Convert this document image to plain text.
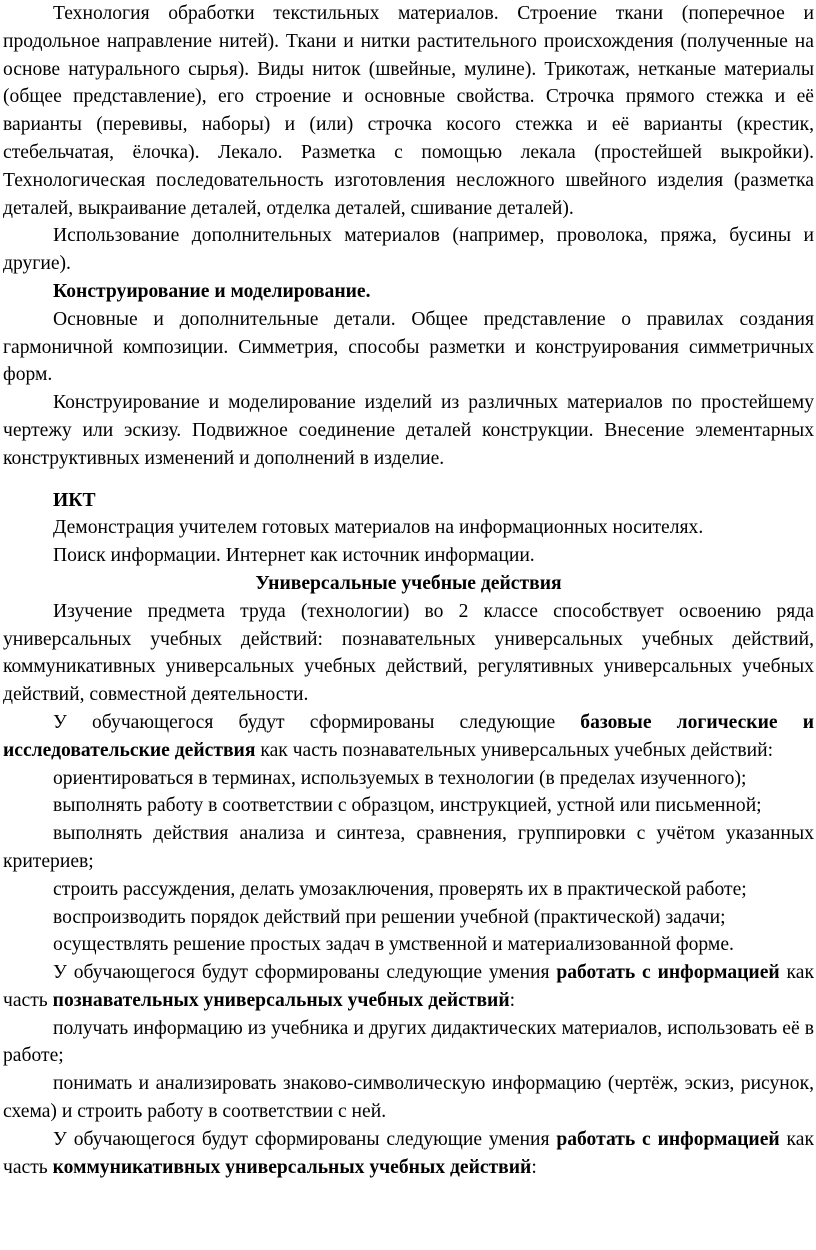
Технология обработки текстильных материалов. Строение ткани (поперечное и продольное направление нитей). Ткани и нитки растительного происхождения (полученные на основе натурального сырья). Виды ниток (швейные, мулине). Трикотаж, нетканые материалы (общее представление), его строение и основные свойства. Строчка прямого стежка и её варианты (перевивы, наборы) и (или) строчка косого стежка и её варианты (крестик, стебельчатая, ёлочка). Лекало. Разметка с помощью лекала (простейшей выкройки). Технологическая последовательность изготовления несложного швейного изделия (разметка деталей, выкраивание деталей, отделка деталей, сшивание деталей).

Использование дополнительных материалов (например, проволока, пряжа, бусины и другие).

Конструирование и моделирование.

Основные и дополнительные детали. Общее представление о правилах создания гармоничной композиции. Симметрия, способы разметки и конструирования симметричных форм.

Конструирование и моделирование изделий из различных материалов по простейшему чертежу или эскизу. Подвижное соединение деталей конструкции. Внесение элементарных конструктивных изменений и дополнений в изделие.

ИКТ

Демонстрация учителем готовых материалов на информационных носителях.

Поиск информации. Интернет как источник информации.

Универсальные учебные действия

Изучение предмета труда (технологии) во 2 классе способствует освоению ряда универсальных учебных действий: познавательных универсальных учебных действий, коммуникативных универсальных учебных действий, регулятивных универсальных учебных действий, совместной деятельности.

У обучающегося будут сформированы следующие базовые логические и исследовательские действия как часть познавательных универсальных учебных действий:

ориентироваться в терминах, используемых в технологии (в пределах изученного);

выполнять работу в соответствии с образцом, инструкцией, устной или письменной;

выполнять действия анализа и синтеза, сравнения, группировки с учётом указанных критериев;

строить рассуждения, делать умозаключения, проверять их в практической работе;

воспроизводить порядок действий при решении учебной (практической) задачи;

осуществлять решение простых задач в умственной и материализованной форме.

У обучающегося будут сформированы следующие умения работать с информацией как часть познавательных универсальных учебных действий:

получать информацию из учебника и других дидактических материалов, использовать её в работе;

понимать и анализировать знаково-символическую информацию (чертёж, эскиз, рисунок, схема) и строить работу в соответствии с ней.

У обучающегося будут сформированы следующие умения работать с информацией как часть коммуникативных универсальных учебных действий:
